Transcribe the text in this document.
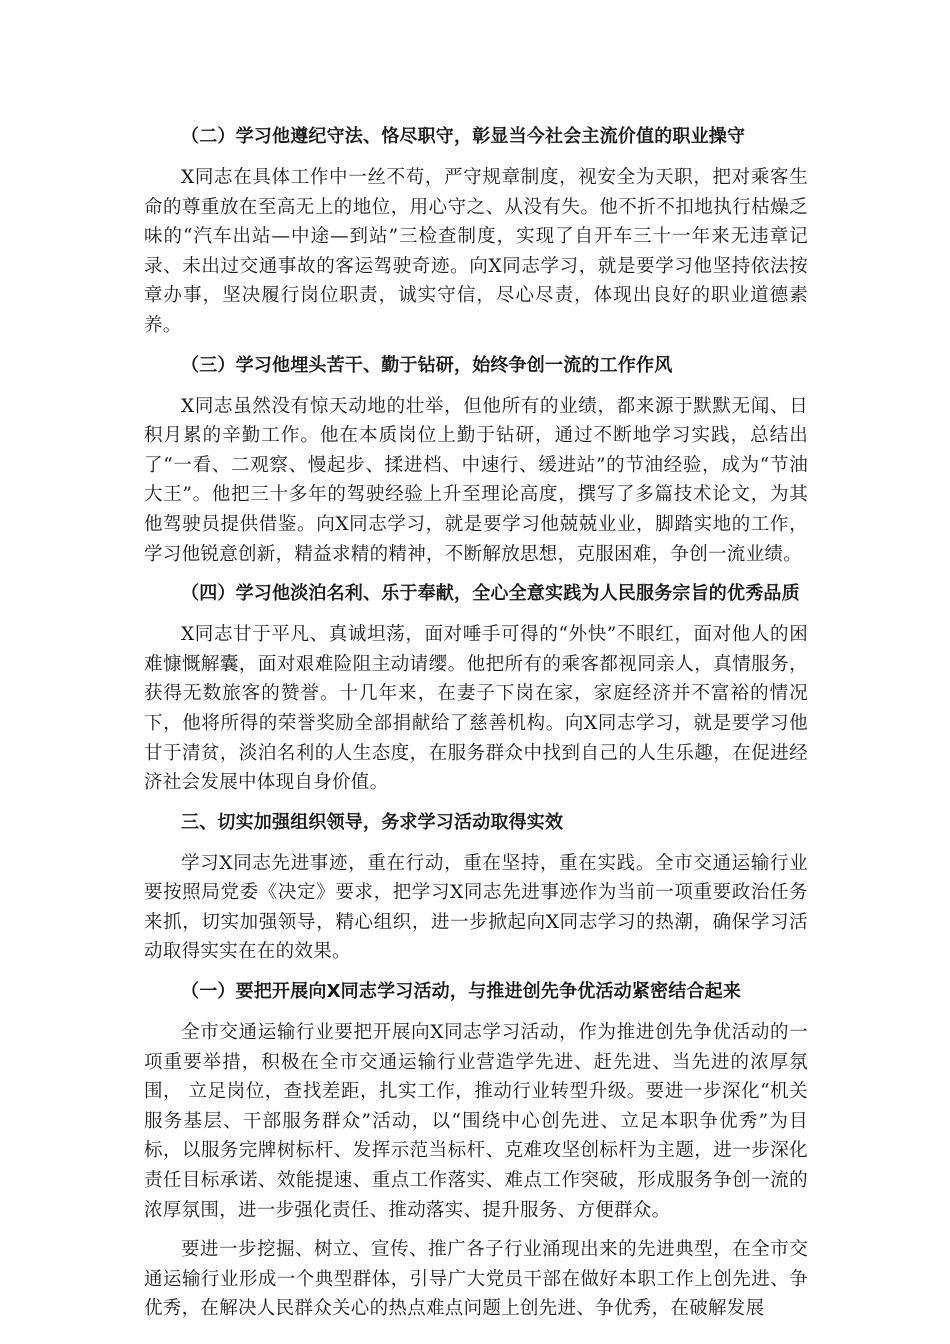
（二）学习他遵纪守法、恪尽职守，彰显当今社会主流价值的职业操守

X同志在具体工作中一丝不苟，严守规章制度，视安全为天职，把对乘客生命的尊重放在至高无上的地位，用心守之、从没有失。他不折不扣地执行枯燥乏味的“汽车出站—中途—到站”三检查制度，实现了自开车三十一年来无违章记录、未出过交通事故的客运驾驶奇迹。向X同志学习，就是要学习他坚持依法按章办事，坚决履行岗位职责，诚实守信，尽心尽责，体现出良好的职业道德素养。

（三）学习他埋头苦干、勤于钻研，始终争创一流的工作作风

X同志虽然没有惊天动地的壮举，但他所有的业绩，都来源于默默无闻、日积月累的辛勤工作。他在本质岗位上勤于钻研，通过不断地学习实践，总结出了“一看、二观察、慢起步、揉进档、中速行、缓进站”的节油经验，成为“节油大王”。他把三十多年的驾驶经验上升至理论高度，撰写了多篇技术论文，为其他驾驶员提供借鉴。向X同志学习，就是要学习他兢兢业业，脚踏实地的工作，学习他锐意创新，精益求精的精神，不断解放思想，克服困难，争创一流业绩。

（四）学习他淡泊名利、乐于奉献，全心全意实践为人民服务宗旨的优秀品质

X同志甘于平凡、真诚坦荡，面对唾手可得的“外快”不眼红，面对他人的困难慷慨解囊，面对艰难险阻主动请缨。他把所有的乘客都视同亲人，真情服务，获得无数旅客的赞誉。十几年来，在妻子下岗在家，家庭经济并不富裕的情况下，他将所得的荣誉奖励全部捐献给了慈善机构。向X同志学习，就是要学习他甘于清贫，淡泊名利的人生态度，在服务群众中找到自己的人生乐趣，在促进经济社会发展中体现自身价值。

三、切实加强组织领导，务求学习活动取得实效

学习X同志先进事迹，重在行动，重在坚持，重在实践。全市交通运输行业要按照局党委《决定》要求，把学习X同志先进事迹作为当前一项重要政治任务来抓，切实加强领导，精心组织，进一步掀起向X同志学习的热潮，确保学习活动取得实实在在的效果。

（一）要把开展向X同志学习活动，与推进创先争优活动紧密结合起来

全市交通运输行业要把开展向X同志学习活动，作为推进创先争优活动的一项重要举措，积极在全市交通运输行业营造学先进、赶先进、当先进的浓厚氛围， 立足岗位，查找差距，扎实工作，推动行业转型升级。要进一步深化“机关服务基层、干部服务群众”活动，以“围绕中心创先进、立足本职争优秀”为目标，以服务完牌树标杆、发挥示范当标杆、克难攻坚创标杆为主题，进一步深化责任目标承诺、效能提速、重点工作落实、难点工作突破，形成服务争创一流的浓厚氛围，进一步强化责任、推动落实、提升服务、方便群众。

要进一步挖掘、树立、宣传、推广各子行业涌现出来的先进典型，在全市交通运输行业形成一个典型群体，引导广大党员干部在做好本职工作上创先进、争优秀，在解决人民群众关心的热点难点问题上创先进、争优秀，在破解发展
